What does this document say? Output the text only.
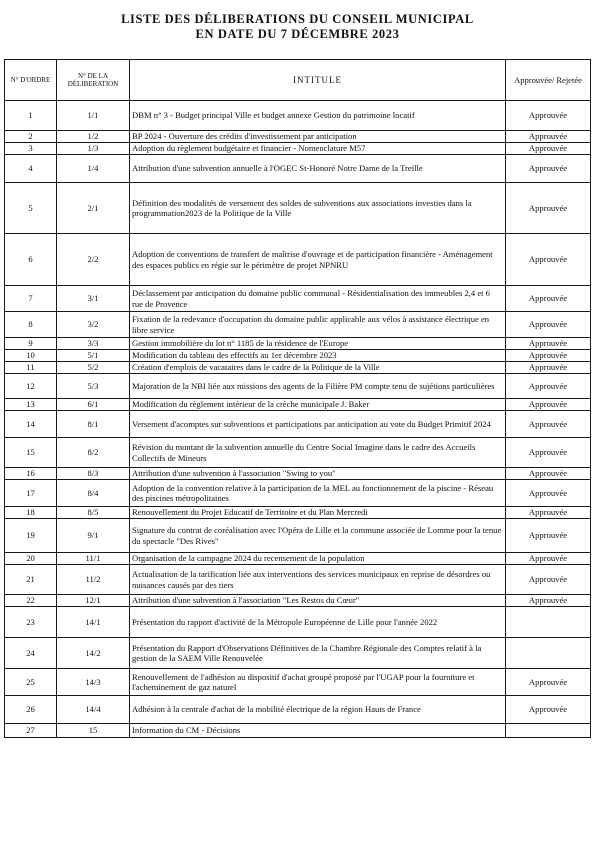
LISTE DES DÉLIBERATIONS DU CONSEIL MUNICIPAL
EN DATE DU 7 DÉCEMBRE 2023
N° D'ORDRE	N° DE LA DÉLIBERATION	INTITULE	Approuvée/ Rejetée
1	1/1	DBM n° 3 - Budget principal Ville et budget annexe Gestion du patrimoine locatif	Approuvée
2	1/2	BP 2024 - Ouverture des crédits d'investissement par anticipation	Approuvée
3	1/3	Adoption du règlement budgétaire et financier - Nomenclature M57	Approuvée
4	1/4	Attribution d'une subvention annuelle à l'OGEC St-Honoré Notre Dame de la Treille	Approuvée
5	2/1	Définition des modalités de versement des soldes de subventions aux associations investies dans la programmation2023 de la Politique de la Ville	Approuvée
6	2/2	Adoption de conventions de transfert de maîtrise d'ouvrage et de participation financière - Aménagement des espaces publics en régie sur le périmètre de projet NPNRU	Approuvée
7	3/1	Déclassement par anticipation du domaine public communal - Résidentialisation des immeubles 2,4 et 6 rue de Provence	Approuvée
8	3/2	Fixation de la redevance d'occupation du domaine public applicable aux vélos à assistance électrique en libre service	Approuvée
9	3/3	Gestion immobilière du lot n° 1185 de la résidence de l'Europe	Approuvée
10	5/1	Modification du tableau des effectifs au 1er décembre 2023	Approuvée
11	5/2	Création d'emplois de vacataires dans le cadre de la Politique de la Ville	Approuvée
12	5/3	Majoration de la NBI liée aux missions des agents de la Filière PM compte tenu de sujétions particulières	Approuvée
13	6/1	Modification du règlement intérieur de la crèche municipale J. Baker	Approuvée
14	8/1	Versement d'acomptes sur subventions et participations par anticipation au vote du Budget Primitif 2024	Approuvée
15	8/2	Révision du montant de la subvention annuelle du Centre Social Imagine dans le cadre des Accueils Collectifs de Mineurs	Approuvée
16	8/3	Attribution d'une subvention à l'association "Swing to you"	Approuvée
17	8/4	Adoption de la convention relative à la participation de la MEL au fonctionnement de la piscine - Réseau des piscines métropolitaines	Approuvée
18	8/5	Renouvellement du Projet Educatif de Territoire et du Plan Mercredi	Approuvée
19	9/1	Signature du contrat de coréalisation avec l'Opéra de Lille et la commune associée de Lomme pour la tenue du spectacle "Des Rives"	Approuvée
20	11/1	Organisation de la campagne 2024 du recensement de la population	Approuvée
21	11/2	Actualisation de la tarification liée aux interventions des services municipaux en reprise de désordres ou nuisances causés par des tiers	Approuvée
22	12/1	Attribution d'une subvention à l'association "Les Restos du Cœur"	Approuvée
23	14/1	Présentation du rapport d'activité de la Métropole Européenne de Lille pour l'année 2022	
24	14/2	Présentation du Rapport d'Observations Définitives de la Chambre Régionale des Comptes relatif à la gestion de la SAEM Ville Renouvelée	
25	14/3	Renouvellement de l'adhésion au dispositif d'achat groupé proposé par l'UGAP pour la fourniture et l'acheminement de gaz naturel	Approuvée
26	14/4	Adhésion à la centrale d'achat de la mobilité électrique de la région Hauts de France	Approuvée
27	15	Information du CM - Décisions	
